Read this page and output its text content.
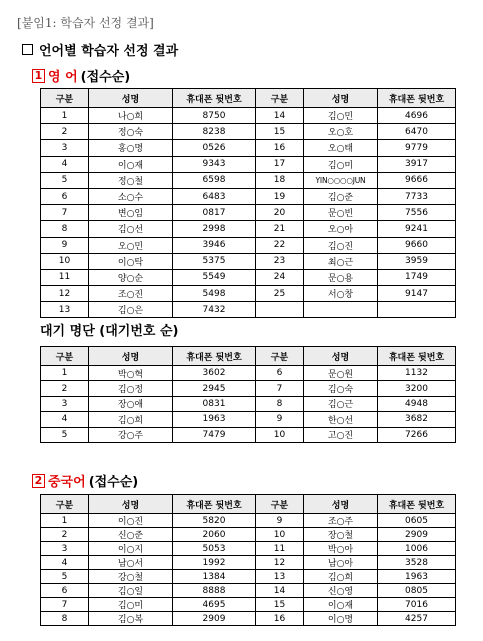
[붙임1: 학습자 선정 결과]
언어별 학습자 선정 결과
1 영 어 (접수순)
구분	성명	휴대폰 뒷번호	구분	성명	휴대폰 뒷번호
1	나○희	8750	14	김○민	4696
2	정○숙	8238	15	오○호	6470
3	홍○명	0526	16	오○태	9779
4	이○재	9343	17	김○미	3917
5	정○철	6598	18	YIN○○○○JUN	9666
6	소○수	6483	19	김○준	7733
7	변○임	0817	20	문○빈	7556
8	김○선	2998	21	오○아	9241
9	오○민	3946	22	김○진	9660
10	이○탁	5375	23	최○근	3959
11	양○순	5549	24	문○용	1749
12	조○진	5498	25	서○창	9147
13	김○은	7432			
대기 명단 (대기번호 순)
구분	성명	휴대폰 뒷번호	구분	성명	휴대폰 뒷번호
1	박○혁	3602	6	문○원	1132
2	김○정	2945	7	김○숙	3200
3	장○애	0831	8	김○근	4948
4	김○희	1963	9	한○선	3682
5	강○주	7479	10	고○진	7266
2 중국어 (접수순)
구분	성명	휴대폰 뒷번호	구분	성명	휴대폰 뒷번호
1	이○진	5820	9	조○주	0605
2	신○준	2060	10	장○철	2909
3	이○지	5053	11	박○아	1006
4	남○서	1992	12	남○아	3528
5	강○철	1384	13	김○희	1963
6	김○일	8888	14	신○영	0805
7	김○미	4695	15	이○재	7016
8	김○복	2909	16	이○명	4257
